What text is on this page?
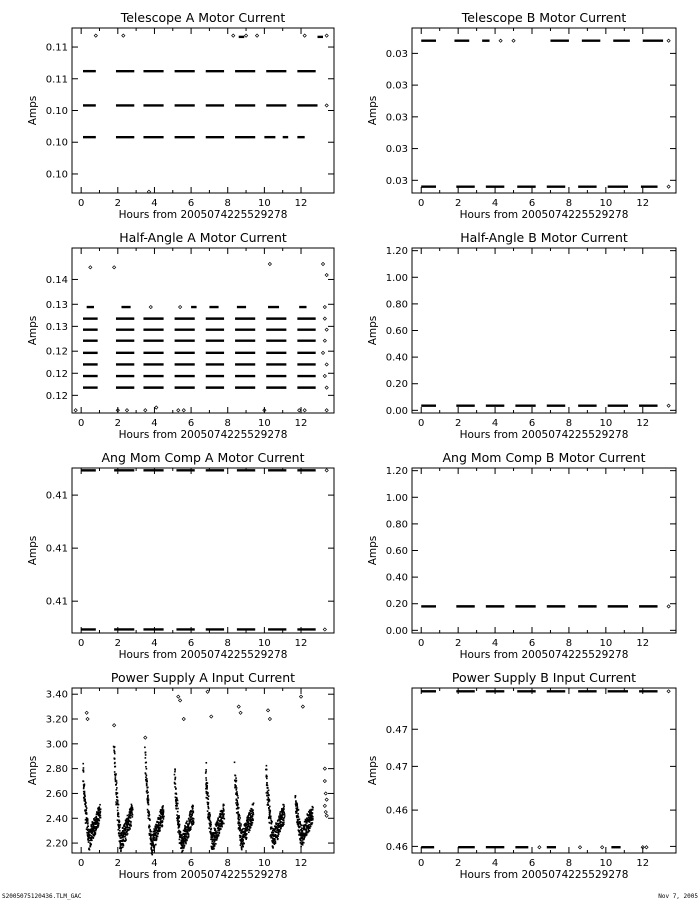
Telescope A Motor Current
Hours from 2005074225529278
Amps
0	2	4	6	8	10 12
0.10
0.10
0.10
0.11
0.11
Telescope B Motor Current
Hours from 2005074225529278
Amps
0	2	4	6	8	10 12
0.03
0.03
0.03
0.03
0.03
Half-Angle A Motor Current
Hours from 2005074225529278
Amps
0	2	4	6	8	10 12
0.12
0.12
0.12
0.13
0.13
0.14
Half-Angle B Motor Current
Hours from 2005074225529278
Amps
0	2	4	6	8	10 12
0.00
0.20
0.40
0.60
0.80
1.00
1.20
Ang Mom Comp A Motor Current
Hours from 2005074225529278
Amps
0	2	4	6	8	10 12
0.41
0.41
0.41
Ang Mom Comp B Motor Current
Hours from 2005074225529278
Amps
0	2	4	6	8	10 12
0.00
0.20
0.40
0.60
0.80
1.00
1.20
Power Supply A Input Current
Hours from 2005074225529278
Amps
0	2	4	6	8	10 12
2.20
2.40
2.60
2.80
3.00
3.20
3.40
Power Supply B Input Current
Hours from 2005074225529278
Amps
0	2	4	6	8	10 12
0.46
0.46
0.47
0.47
S2005075120436.TLM_GAC	Nov 7, 2005
